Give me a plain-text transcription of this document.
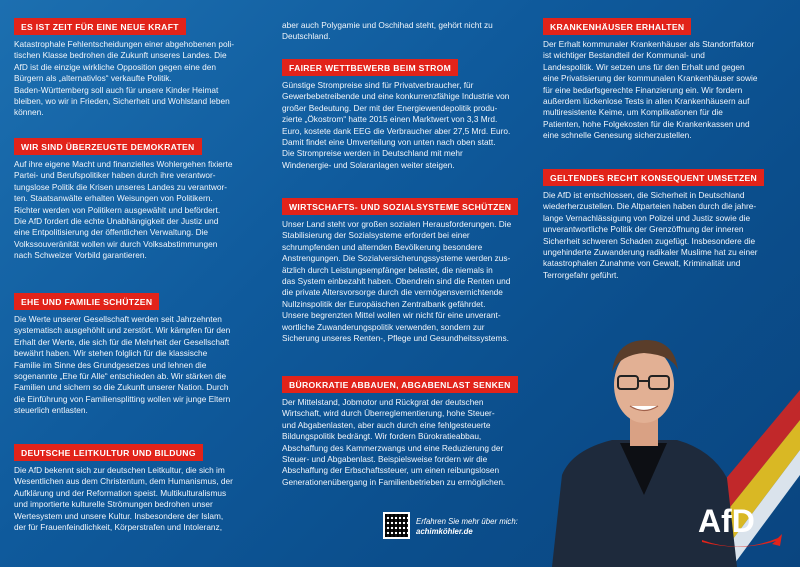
ES IST ZEIT FÜR EINE NEUE KRAFT
Katastrophale Fehlentscheidungen einer abgehobenen poli-
tischen Klasse bedrohen die Zukunft unseres Landes. Die
AfD ist die einzige wirkliche Opposition gegen eine den
Bürgern als „alternativlos“ verkaufte Politik.
Baden-Württemberg soll auch für unsere Kinder Heimat
bleiben, wo wir in Frieden, Sicherheit und Wohlstand leben
können.
WIR SIND ÜBERZEUGTE DEMOKRATEN
Auf ihre eigene Macht und finanzielles Wohlergehen fixierte
Partei- und Berufspolitiker haben durch ihre verantwor-
tungslose Politik die Krisen unseres Landes zu verantwor-
ten. Staatsanwälte erhalten Weisungen von Politikern.
Richter werden von Politikern ausgewählt und befördert.
Die AfD fordert die echte Unabhängigkeit der Justiz und
eine Entpolitisierung der öffentlichen Verwaltung. Die
Volkssouveränität wollen wir durch Volksabstimmungen
nach Schweizer Vorbild garantieren.
EHE UND FAMILIE SCHÜTZEN
Die Werte unserer Gesellschaft werden seit Jahrzehnten
systematisch ausgehöhlt und zerstört. Wir kämpfen für den
Erhalt der Werte, die sich für die Mehrheit der Gesellschaft
bewährt haben. Wir stehen folglich für die klassische
Familie im Sinne des Grundgesetzes und lehnen die
sogenannte „Ehe für Alle“ entschieden ab. Wir stärken die
Familien und sichern so die Zukunft unserer Nation. Durch
die Einführung von Familiensplitting wollen wir junge Eltern
steuerlich entlasten.
DEUTSCHE LEITKULTUR UND BILDUNG
Die AfD bekennt sich zur deutschen Leitkultur, die sich im
Wesentlichen aus dem Christentum, dem Humanismus, der
Aufklärung und der Reformation speist. Multikulturalismus
und importierte kulturelle Strömungen bedrohen unser
Wertesystem und unsere Kultur. Insbesondere der Islam,
der für Frauenfeindlichkeit, Körperstrafen und Intoleranz,
aber auch Polygamie und Oschihad steht, gehört nicht zu
Deutschland.
FAIRER WETTBEWERB BEIM STROM
Günstige Strompreise sind für Privatverbraucher, für
Gewerbebetreibende und eine konkurrenzfähige Industrie von
großer Bedeutung. Der mit der Energiewendepolitik produ-
zierte „Ökostrom“ hatte 2015 einen Marktwert von 3,3 Mrd.
Euro, kostete dank EEG die Verbraucher aber 27,5 Mrd. Euro.
Damit findet eine Umverteilung von unten nach oben statt.
Die Strompreise werden in Deutschland mit mehr
Windenergie- und Solaranlagen weiter steigen.
WIRTSCHAFTS- UND SOZIALSYSTEME SCHÜTZEN
Unser Land steht vor großen sozialen Herausforderungen. Die
Stabilisierung der Sozialsysteme erfordert bei einer
schrumpfenden und alternden Bevölkerung besondere
Anstrengungen. Die Sozialversicherungssysteme werden zus-
ätzlich durch Leistungsempfänger belastet, die niemals in
das System einbezahlt haben. Obendrein sind die Renten und
die private Altersvorsorge durch die vermögensvernichtende
Nullzinspolitik der Europäischen Zentralbank gefährdet.
Unsere begrenzten Mittel wollen wir nicht für eine unverant-
wortliche Zuwanderungspolitik verwenden, sondern zur
Sicherung unseres Renten-, Pflege und Gesundheitssystems.
BÜROKRATIE ABBAUEN, ABGABENLAST SENKEN
Der Mittelstand, Jobmotor und Rückgrat der deutschen
Wirtschaft, wird durch Überreglementierung, hohe Steuer-
und Abgabenlasten, aber auch durch eine fehlgesteuerte
Bildungspolitik bedrängt. Wir fordern Bürokratieabbau,
Abschaffung des Kammerzwangs und eine Reduzierung der
Steuer- und Abgabenlast. Beispielsweise fordern wir die
Abschaffung der Erbschaftssteuer, um einen reibungslosen
Generationenübergang in Familienbetrieben zu ermöglichen.
Erfahren Sie mehr über mich:
achimköhler.de
KRANKENHÄUSER ERHALTEN
Der Erhalt kommunaler Krankenhäuser als Standortfaktor
ist wichtiger Bestandteil der Kommunal- und
Landespolitik. Wir setzen uns für den Erhalt und gegen
eine Privatisierung der kommunalen Krankenhäuser sowie
für eine bedarfsgerechte Finanzierung ein. Wir fordern
außerdem lückenlose Tests in allen Krankenhäusern auf
multiresistente Keime, um Komplikationen für die
Patienten, hohe Folgekosten für die Krankenkassen und
eine schnelle Genesung sicherzustellen.
GELTENDES RECHT KONSEQUENT UMSETZEN
Die AfD ist entschlossen, die Sicherheit in Deutschland
wiederherzustellen. Die Altparteien haben durch die jahre-
lange Vernachlässigung von Polizei und Justiz sowie die
unverantwortliche Politik der Grenzöffnung der inneren
Sicherheit schweren Schaden zugefügt. Insbesondere die
ungehinderte Zuwanderung radikaler Muslime hat zu einer
katastrophalen Zunahme von Gewalt, Kriminalität und
Terrorgefahr geführt.
AfD
